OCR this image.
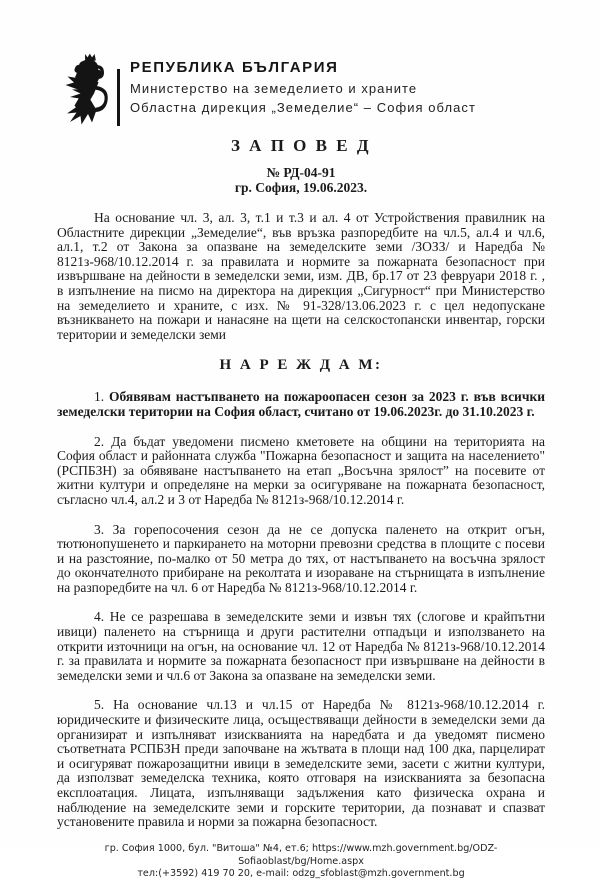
РЕПУБЛИКА БЪЛГАРИЯ
Министерство на земеделието и храните
Областна дирекция „Земеделие“ – София област
З А П О В Е Д
№ РД-04-91
гр. София, 19.06.2023.

На основание чл. 3, ал. 3, т.1 и т.3 и ал. 4 от Устройствения правилник на Областните дирекции „Земеделие“, във връзка разпоредбите на чл.5, ал.4 и чл.6, ал.1, т.2 от Закона за опазване на земеделските земи /ЗОЗЗ/ и Наредба № 8121з-968/10.12.2014 г. за правилата и нормите за пожарната безопасност при извършване на дейности в земеделски земи, изм. ДВ, бр.17 от 23 февруари 2018 г. , в изпълнение на писмо на директора на дирекция „Сигурност“ при Министерство на земеделието и храните, с изх. № 91-328/13.06.2023 г. с цел недопускане възникването на пожари и нанасяне на щети на селскостопански инвентар, горски територии и земеделски земи

Н А Р Е Ж Д А М:

1. Обявявам настъпването на пожароопасен сезон за 2023 г. във всички земеделски територии на София област, считано от 19.06.2023г. до 31.10.2023 г.

2. Да бъдат уведомени писмено кметовете на общини на територията на София област и районната служба "Пожарна безопасност и защита на населението" (РСПБЗН) за обявяване настъпването на етап „Восъчна зрялост” на посевите от житни култури и определяне на мерки за осигуряване на пожарната безопасност, съгласно чл.4, ал.2 и 3 от Наредба № 8121з-968/10.12.2014 г.

3. За горепосочения сезон да не се допуска паленето на открит огън, тютюнопушенето и паркирането на моторни превозни средства в площите с посеви и на разстояние, по-малко от 50 метра до тях, от настъпването на восъчна зрялост до окончателното прибиране на реколтата и изораване на стърнищата в изпълнение на разпоредбите на чл. 6 от Наредба № 8121з-968/10.12.2014 г.

4. Не се разрешава в земеделските земи и извън тях (слогове и крайпътни ивици) паленето на стърнища и други растителни отпадъци и използването на открити източници на огън, на основание чл. 12 от Наредба № 8121з-968/10.12.2014 г. за правилата и нормите за пожарната безопасност при извършване на дейности в земеделски земи и чл.6 от Закона за опазване на земеделски земи.

5. На основание чл.13 и чл.15 от Наредба № 8121з-968/10.12.2014 г. юридическите и физическите лица, осъществяващи дейности в земеделски земи да организират и изпълняват изискванията на наредбата и да уведомят писмено съответната РСПБЗН преди започване на жътвата в площи над 100 дка, парцелират и осигуряват пожарозащитни ивици в земеделските земи, засети с житни култури, да използват земеделска техника, която отговаря на изискванията за безопасна експлоатация. Лицата, изпълняващи задължения като физическа охрана и наблюдение на земеделските земи и горските територии, да познават и спазват установените правила и норми за пожарна безопасност.

гр. София 1000, бул. "Витоша" №4, ет.6; https://www.mzh.government.bg/ODZ-Sofiaoblast/bg/Home.aspx
тел:(+3592) 419 70 20, e-mail: odzg_sfoblast@mzh.government.bg
